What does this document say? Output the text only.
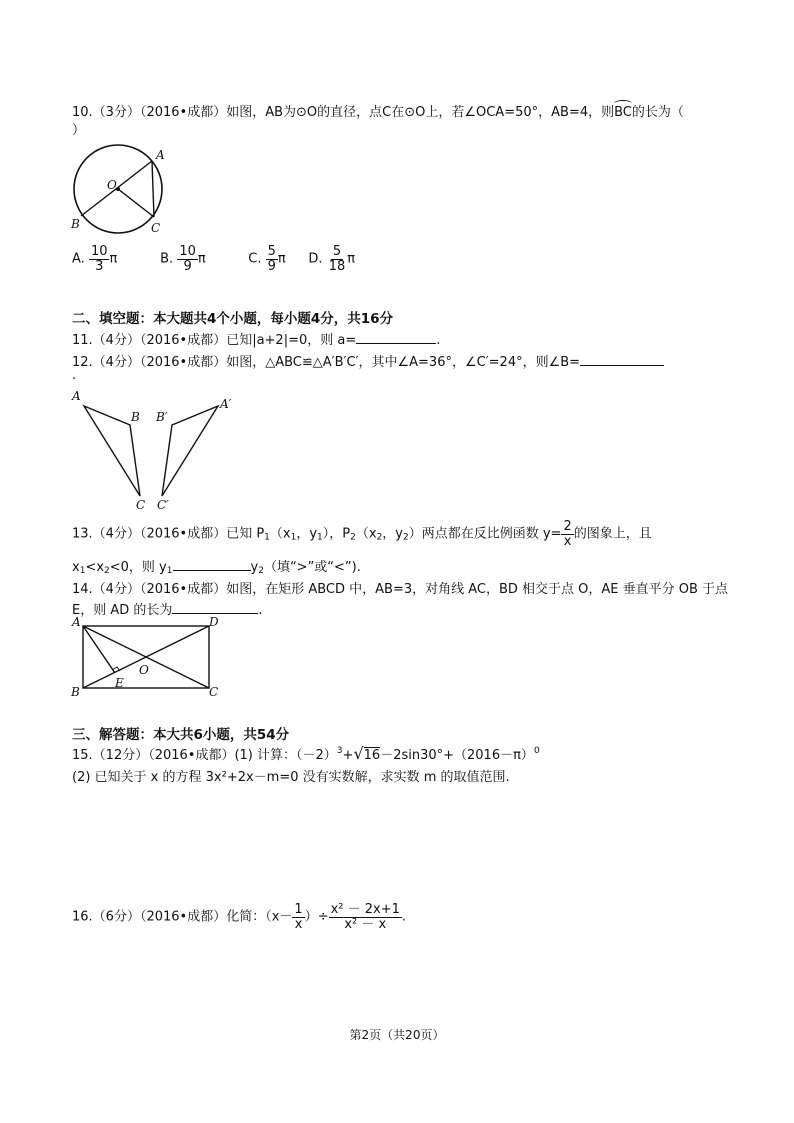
10.（3分）（2016•成都）如图，AB为⊙O的直径，点C在⊙O上，若∠OCA=50°，AB=4，则
BC的长为（
）
A
B	C
O
A. $\frac{10}{3}$ π	B. $\frac{10}{9}$ π	C. $\frac{5}{9}$ π D. $\frac{5}{18}$ π
二、填空题：本大题共4个小题，每小题4分，共16分
11.（4分）（2016•成都）已知|a+2|=0，则 a=	.
12.（4分）（2016•成都）如图，△ABC≌△A′B′C′，其中∠A=36°，∠C′=24°，则∠B=
.
A
B
C
A′
B′
C′
13.（4分）（2016•成都）已知 $P_1(x_1$，$y_1$），$P_2(x_2$，$y_2$）两点都在反比例函数 $y= \frac{2}{x}$ 的图象上，且
$x_1<x_2<0$，则 $y_1$	$y_2$（填“>”或“<”).
14.（4分）（2016•成都）如图，在矩形 ABCD 中，AB=3，对角线 AC，BD 相交于点 O，AE 垂直平分 OB 于点
E，则 AD 的长为	.
A	D
B	C
O
E
三、解答题：本大共6小题，共54分
15.（12分）（2016•成都）(1) 计算：$(-2)^3+√16-2\sin 30^\circ+(2016-\pi)^0$
(2) 已知关于 x 的方程 3x²+2x－m=0 没有实数解，求实数 m 的取值范围.
16.（6分）（2016•成都）化简：（$x- \frac{1}{x}$ ）÷ $\frac{\text{x² － 2x+1}}{\text{x² － x}}$ .
第2页（共20页）
